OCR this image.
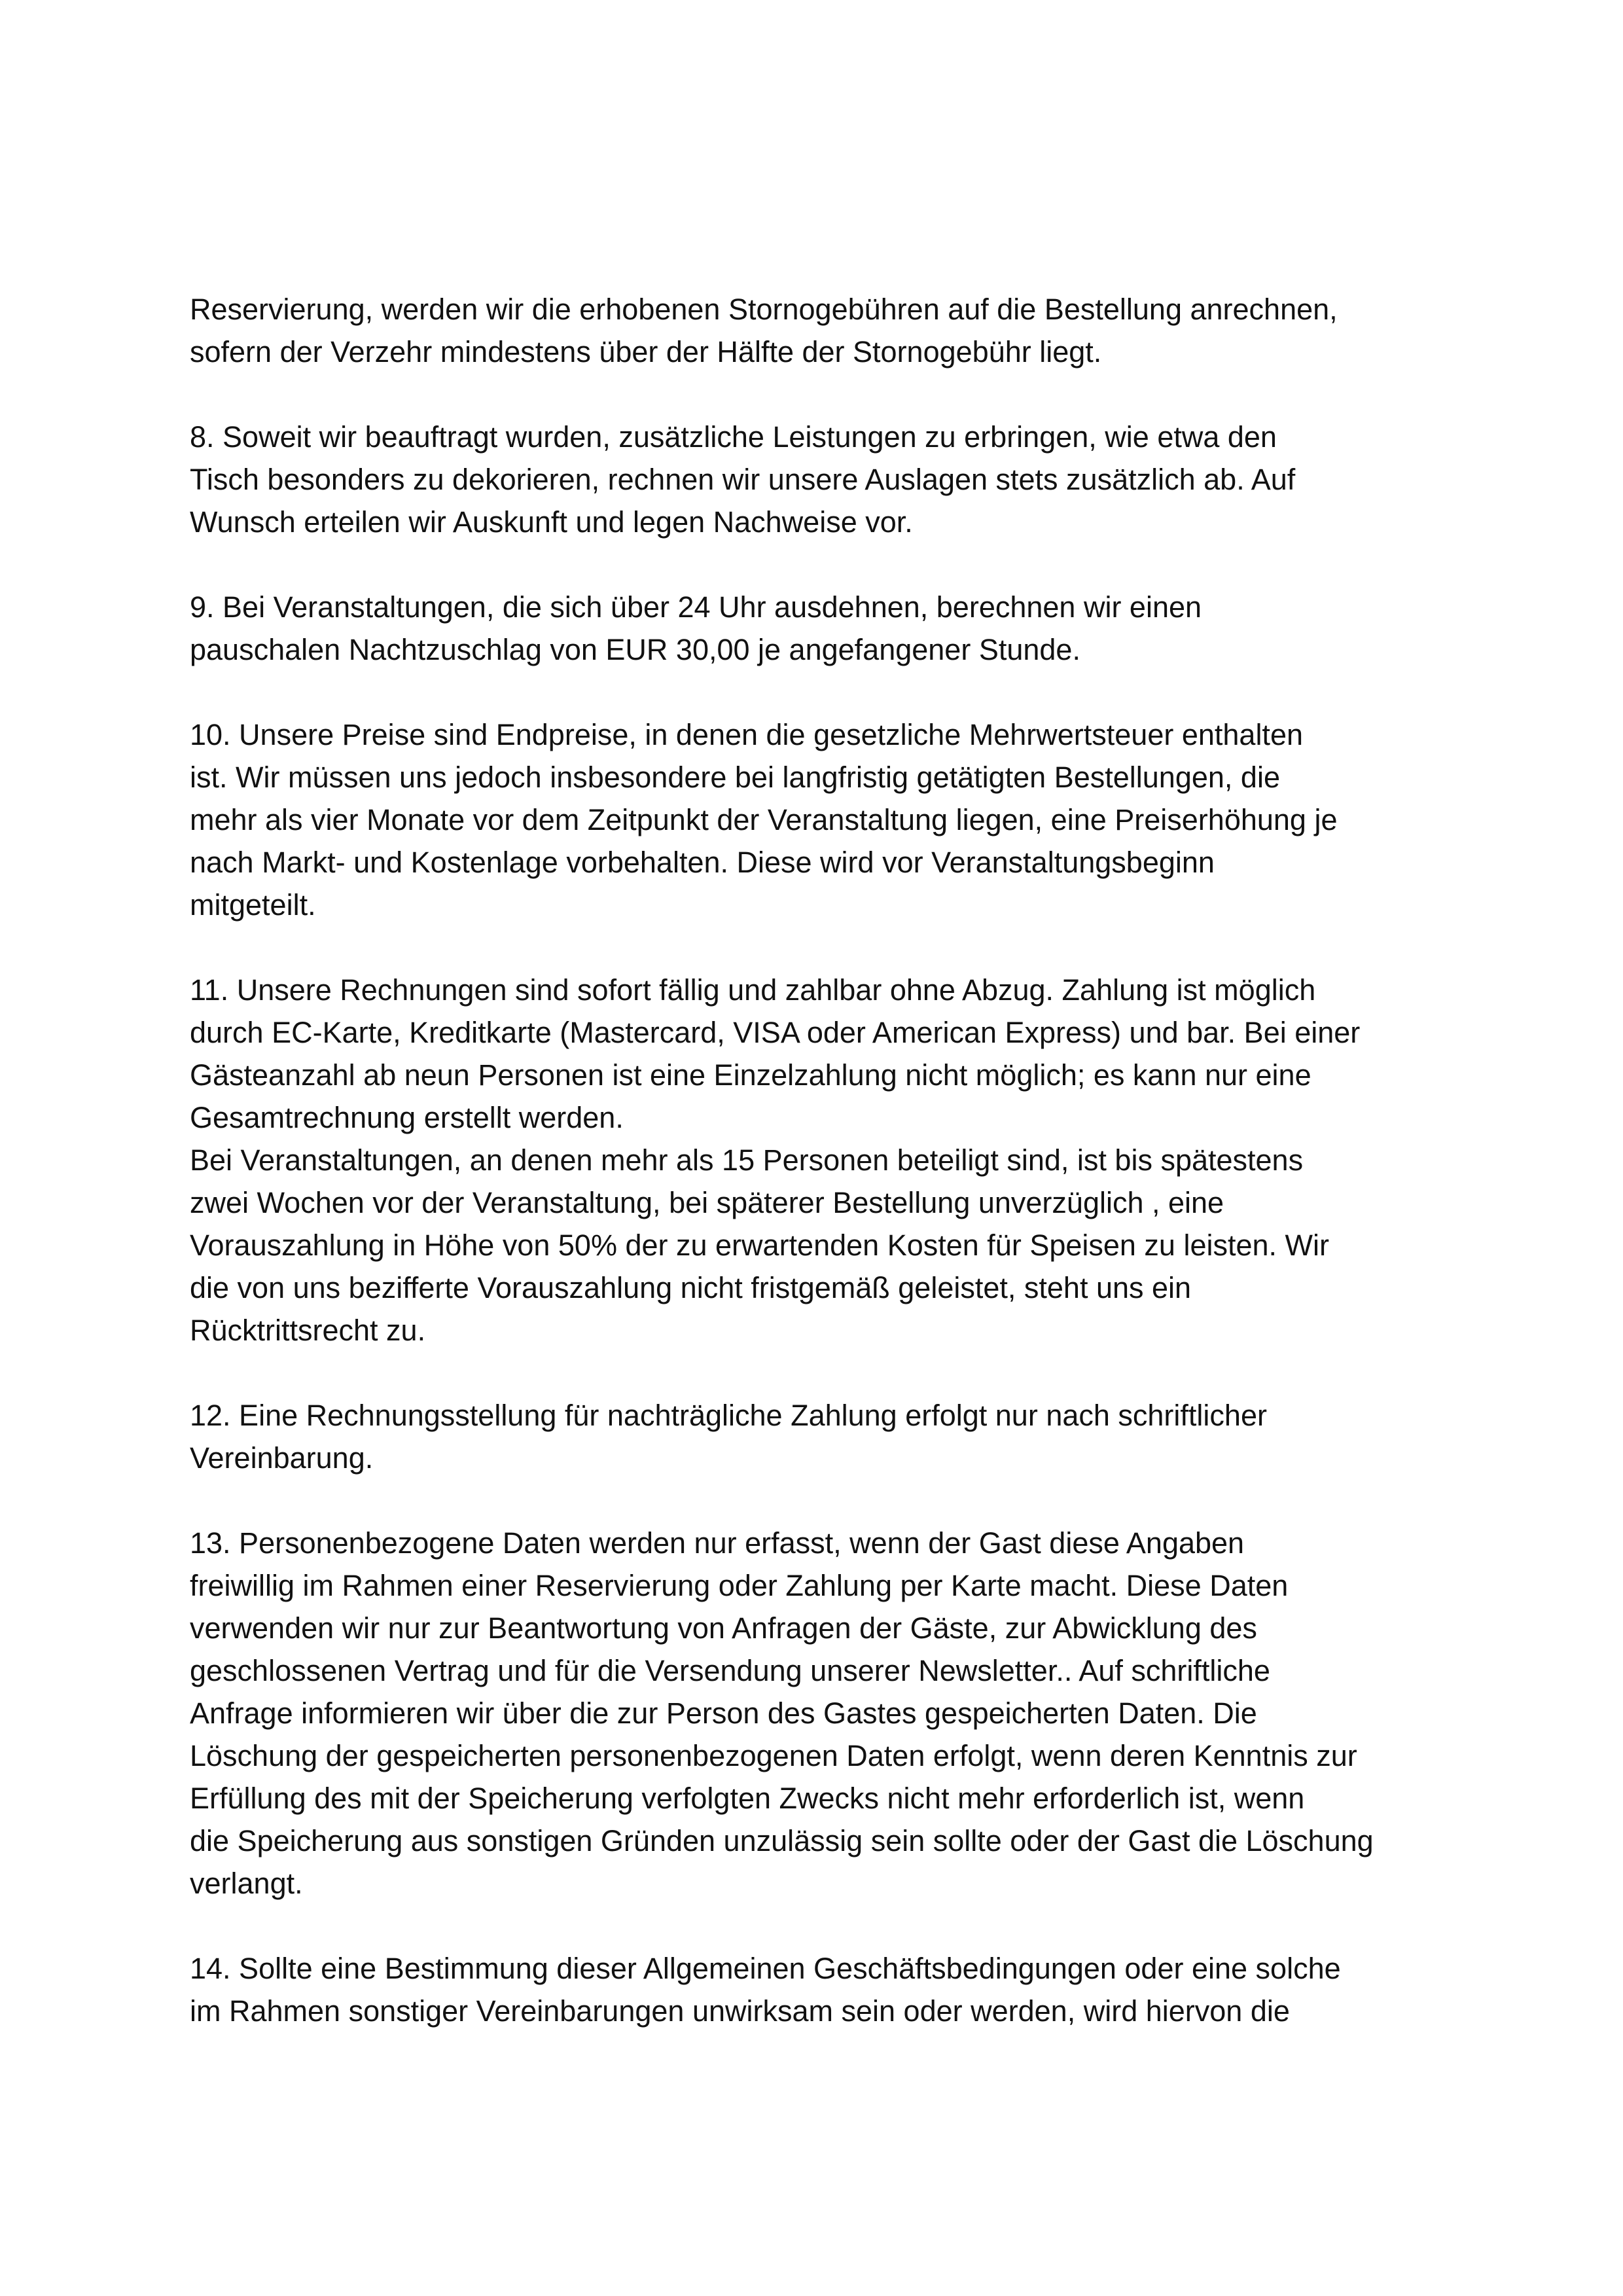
Reservierung, werden wir die erhobenen Stornogebühren auf die Bestellung anrechnen,
sofern der Verzehr mindestens über der Hälfte der Stornogebühr liegt.

8. Soweit wir beauftragt wurden, zusätzliche Leistungen zu erbringen, wie etwa den
Tisch besonders zu dekorieren, rechnen wir unsere Auslagen stets zusätzlich ab. Auf
Wunsch erteilen wir Auskunft und legen Nachweise vor.

9. Bei Veranstaltungen, die sich über 24 Uhr ausdehnen, berechnen wir einen
pauschalen Nachtzuschlag von EUR 30,00 je angefangener Stunde.

10. Unsere Preise sind Endpreise, in denen die gesetzliche Mehrwertsteuer enthalten
ist. Wir müssen uns jedoch insbesondere bei langfristig getätigten Bestellungen, die
mehr als vier Monate vor dem Zeitpunkt der Veranstaltung liegen, eine Preiserhöhung je
nach Markt- und Kostenlage vorbehalten. Diese wird vor Veranstaltungsbeginn
mitgeteilt.

11. Unsere Rechnungen sind sofort fällig und zahlbar ohne Abzug. Zahlung ist möglich
durch EC-Karte, Kreditkarte (Mastercard, VISA oder American Express) und bar. Bei einer
Gästeanzahl ab neun Personen ist eine Einzelzahlung nicht möglich; es kann nur eine
Gesamtrechnung erstellt werden.
Bei Veranstaltungen, an denen mehr als 15 Personen beteiligt sind, ist bis spätestens
zwei Wochen vor der Veranstaltung, bei späterer Bestellung unverzüglich , eine
Vorauszahlung in Höhe von 50% der zu erwartenden Kosten für Speisen zu leisten. Wir
die von uns bezifferte Vorauszahlung nicht fristgemäß geleistet, steht uns ein
Rücktrittsrecht zu.

12. Eine Rechnungsstellung für nachträgliche Zahlung erfolgt nur nach schriftlicher
Vereinbarung.

13. Personenbezogene Daten werden nur erfasst, wenn der Gast diese Angaben
freiwillig im Rahmen einer Reservierung oder Zahlung per Karte macht. Diese Daten
verwenden wir nur zur Beantwortung von Anfragen der Gäste, zur Abwicklung des
geschlossenen Vertrag und für die Versendung unserer Newsletter.. Auf schriftliche
Anfrage informieren wir über die zur Person des Gastes gespeicherten Daten. Die
Löschung der gespeicherten personenbezogenen Daten erfolgt, wenn deren Kenntnis zur
Erfüllung des mit der Speicherung verfolgten Zwecks nicht mehr erforderlich ist, wenn
die Speicherung aus sonstigen Gründen unzulässig sein sollte oder der Gast die Löschung
verlangt.

14. Sollte eine Bestimmung dieser Allgemeinen Geschäftsbedingungen oder eine solche
im Rahmen sonstiger Vereinbarungen unwirksam sein oder werden, wird hiervon die
